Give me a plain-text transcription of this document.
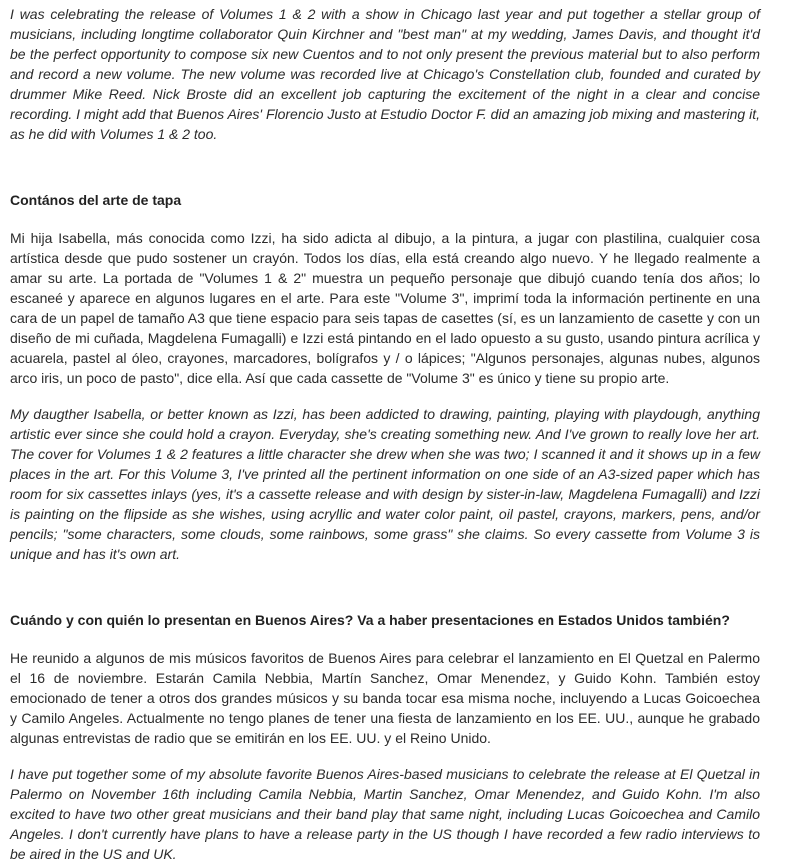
I was celebrating the release of Volumes 1 & 2 with a show in Chicago last year and put together a stellar group of musicians, including longtime collaborator Quin Kirchner and "best man" at my wedding, James Davis, and thought it'd be the perfect opportunity to compose six new Cuentos and to not only present the previous material but to also perform and record a new volume. The new volume was recorded live at Chicago's Constellation club, founded and curated by drummer Mike Reed. Nick Broste did an excellent job capturing the excitement of the night in a clear and concise recording. I might add that Buenos Aires' Florencio Justo at Estudio Doctor F. did an amazing job mixing and mastering it, as he did with Volumes 1 & 2 too.

Contános del arte de tapa

Mi hija Isabella, más conocida como Izzi, ha sido adicta al dibujo, a la pintura, a jugar con plastilina, cualquier cosa artística desde que pudo sostener un crayón. Todos los días, ella está creando algo nuevo. Y he llegado realmente a amar su arte. La portada de "Volumes 1 & 2" muestra un pequeño personaje que dibujó cuando tenía dos años; lo escaneé y aparece en algunos lugares en el arte. Para este "Volume 3", imprimí toda la información pertinente en una cara de un papel de tamaño A3 que tiene espacio para seis tapas de casettes (sí, es un lanzamiento de casette y con un diseño de mi cuñada, Magdelena Fumagalli) e Izzi está pintando en el lado opuesto a su gusto, usando pintura acrílica y acuarela, pastel al óleo, crayones, marcadores, bolígrafos y / o lápices; "Algunos personajes, algunas nubes, algunos arco iris, un poco de pasto", dice ella. Así que cada cassette de "Volume 3" es único y tiene su propio arte.

My daugther Isabella, or better known as Izzi, has been addicted to drawing, painting, playing with playdough, anything artistic ever since she could hold a crayon. Everyday, she's creating something new. And I've grown to really love her art. The cover for Volumes 1 & 2 features a little character she drew when she was two; I scanned it and it shows up in a few places in the art. For this Volume 3, I've printed all the pertinent information on one side of an A3-sized paper which has room for six cassettes inlays (yes, it's a cassette release and with design by sister-in-law, Magdelena Fumagalli) and Izzi is painting on the flipside as she wishes, using acryllic and water color paint, oil pastel, crayons, markers, pens, and/or pencils; "some characters, some clouds, some rainbows, some grass" she claims. So every cassette from Volume 3 is unique and has it's own art.

Cuándo y con quién lo presentan en Buenos Aires? Va a haber presentaciones en Estados Unidos también?

He reunido a algunos de mis músicos favoritos de Buenos Aires para celebrar el lanzamiento en El Quetzal en Palermo el 16 de noviembre. Estarán Camila Nebbia, Martín Sanchez, Omar Menendez, y Guido Kohn. También estoy emocionado de tener a otros dos grandes músicos y su banda tocar esa misma noche, incluyendo a Lucas Goicoechea y Camilo Angeles. Actualmente no tengo planes de tener una fiesta de lanzamiento en los EE. UU., aunque he grabado algunas entrevistas de radio que se emitirán en los EE. UU. y el Reino Unido.

I have put together some of my absolute favorite Buenos Aires-based musicians to celebrate the release at El Quetzal in Palermo on November 16th including Camila Nebbia, Martin Sanchez, Omar Menendez, and Guido Kohn. I'm also excited to have two other great musicians and their band play that same night, including Lucas Goicoechea and Camilo Angeles. I don't currently have plans to have a release party in the US though I have recorded a few radio interviews to be aired in the US and UK.
